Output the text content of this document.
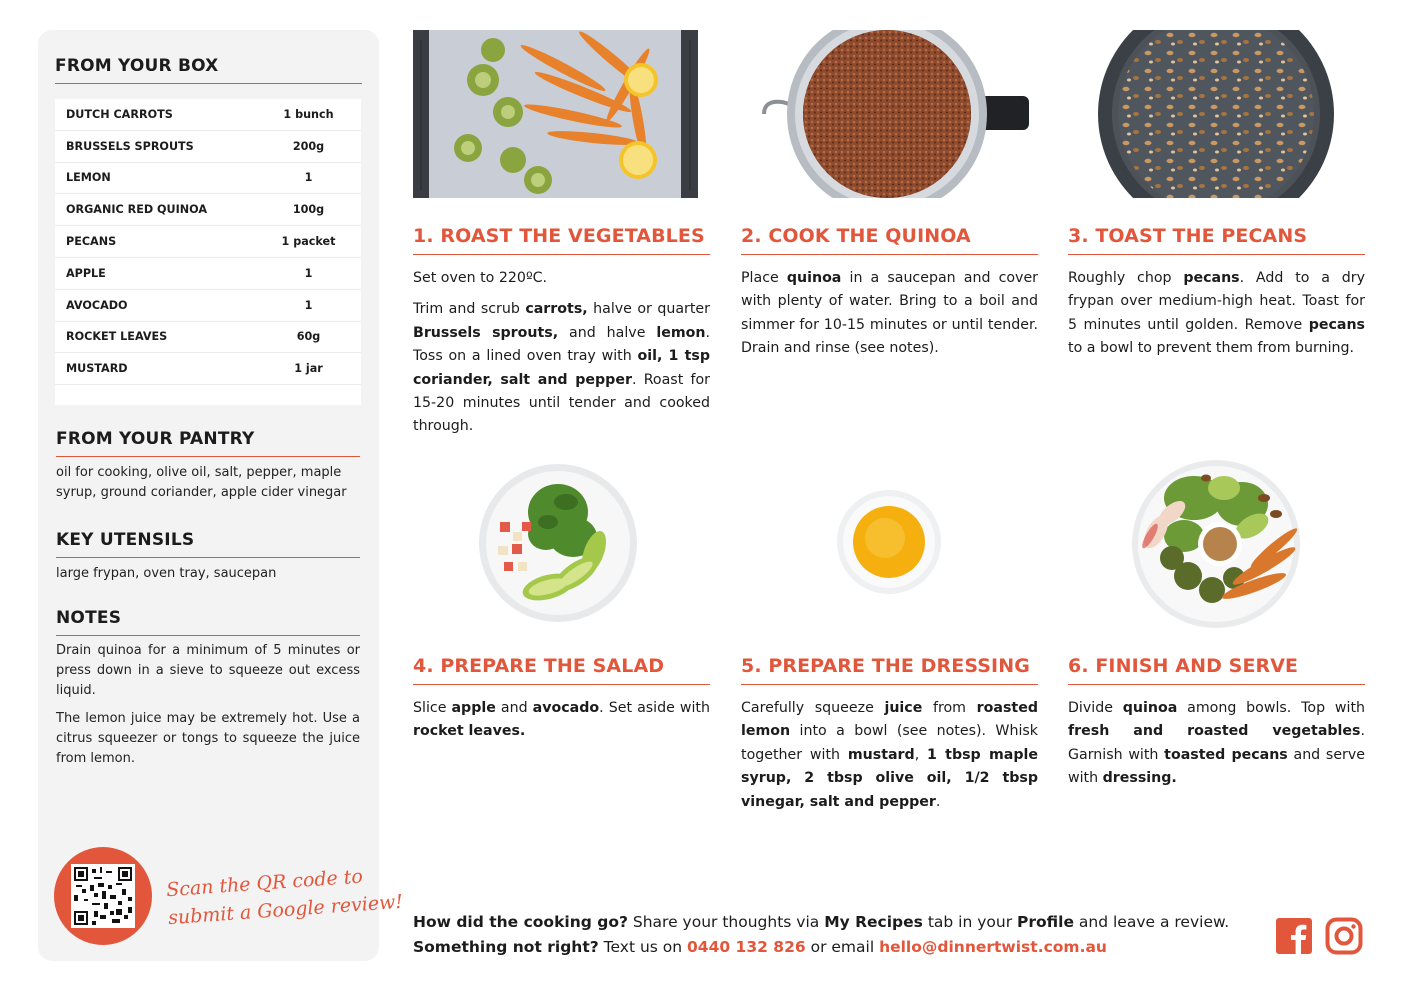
FROM YOUR BOX
DUTCH CARROTS	1 bunch
BRUSSELS SPROUTS	200g
LEMON	1
ORGANIC RED QUINOA	100g
PECANS	1 packet
APPLE	1
AVOCADO	1
ROCKET LEAVES	60g
MUSTARD	1 jar
FROM YOUR PANTRY
oil for cooking, olive oil, salt, pepper, maple syrup, ground coriander, apple cider vinegar
KEY UTENSILS
large frypan, oven tray, saucepan
NOTES

Drain quinoa for a minimum of 5 minutes or press down in a sieve to squeeze out excess liquid.

The lemon juice may be extremely hot. Use a citrus squeezer or tongs to squeeze the juice from lemon.

Scan the QR code to
submit a Google review!
1. ROAST THE VEGETABLES 2. COOK THE QUINOA	3. TOAST THE PECANS

Set oven to 220ºC.

Trim and scrub carrots, halve or quarter Brussels sprouts, and halve lemon. Toss on a lined oven tray with oil, 1 tsp coriander, salt and pepper. Roast for 15-20 minutes until tender and cooked through.

Place quinoa in a saucepan and cover with plenty of water. Bring to a boil and simmer for 10-15 minutes or until tender. Drain and rinse (see notes).

Roughly chop pecans. Add to a dry frypan over medium-high heat. Toast for 5 minutes until golden. Remove pecans to a bowl to prevent them from burning.

4. PREPARE THE SALAD	5. PREPARE THE DRESSING	6. FINISH AND SERVE

Slice apple and avocado. Set aside with rocket leaves.

Carefully squeeze juice from roasted lemon into a bowl (see notes). Whisk together with mustard, 1 tbsp maple syrup, 2 tbsp olive oil, 1/2 tbsp vinegar, salt and pepper.

Divide quinoa among bowls. Top with fresh and roasted vegetables. Garnish with toasted pecans and serve with dressing.

How did the cooking go? Share your thoughts via My Recipes tab in your Profile and leave a review.
Something not right? Text us on 0440 132 826 or email hello@dinnertwist.com.au
